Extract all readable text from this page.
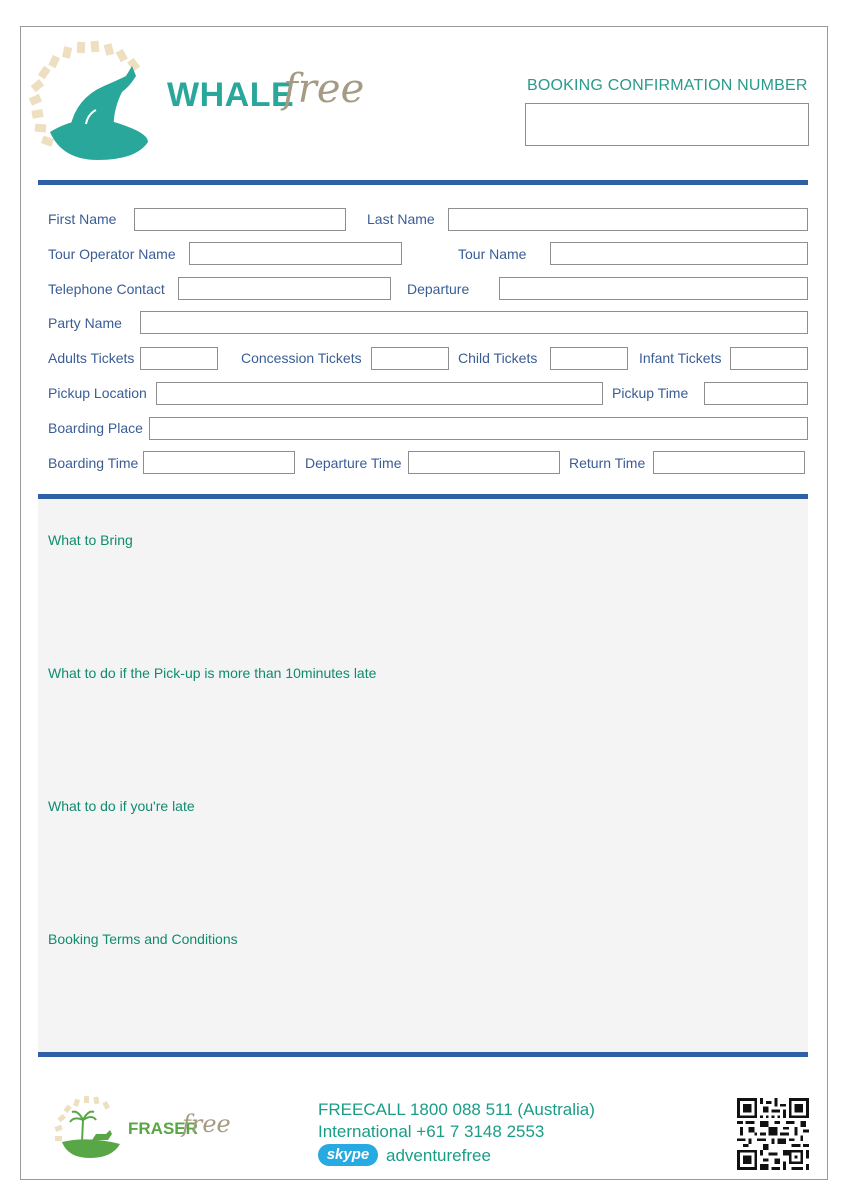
WHALE
free	BOOKING CONFIRMATION NUMBER
First Name	Last Name
Tour Operator Name	Tour Name
Telephone Contact	Departure
Party Name
Adults Tickets	Concession Tickets	Child Tickets	Infant Tickets
Pickup Location	Pickup Time
Boarding Place
Boarding Time	Departure Time	Return Time
What to Bring
What to do if the Pick-up is more than 10minutes late
What to do if you're late
Booking Terms and Conditions
FRASER
free
FREECALL 1800 088 511 (Australia)
International +61 7 3148 2553
skype adventurefree
